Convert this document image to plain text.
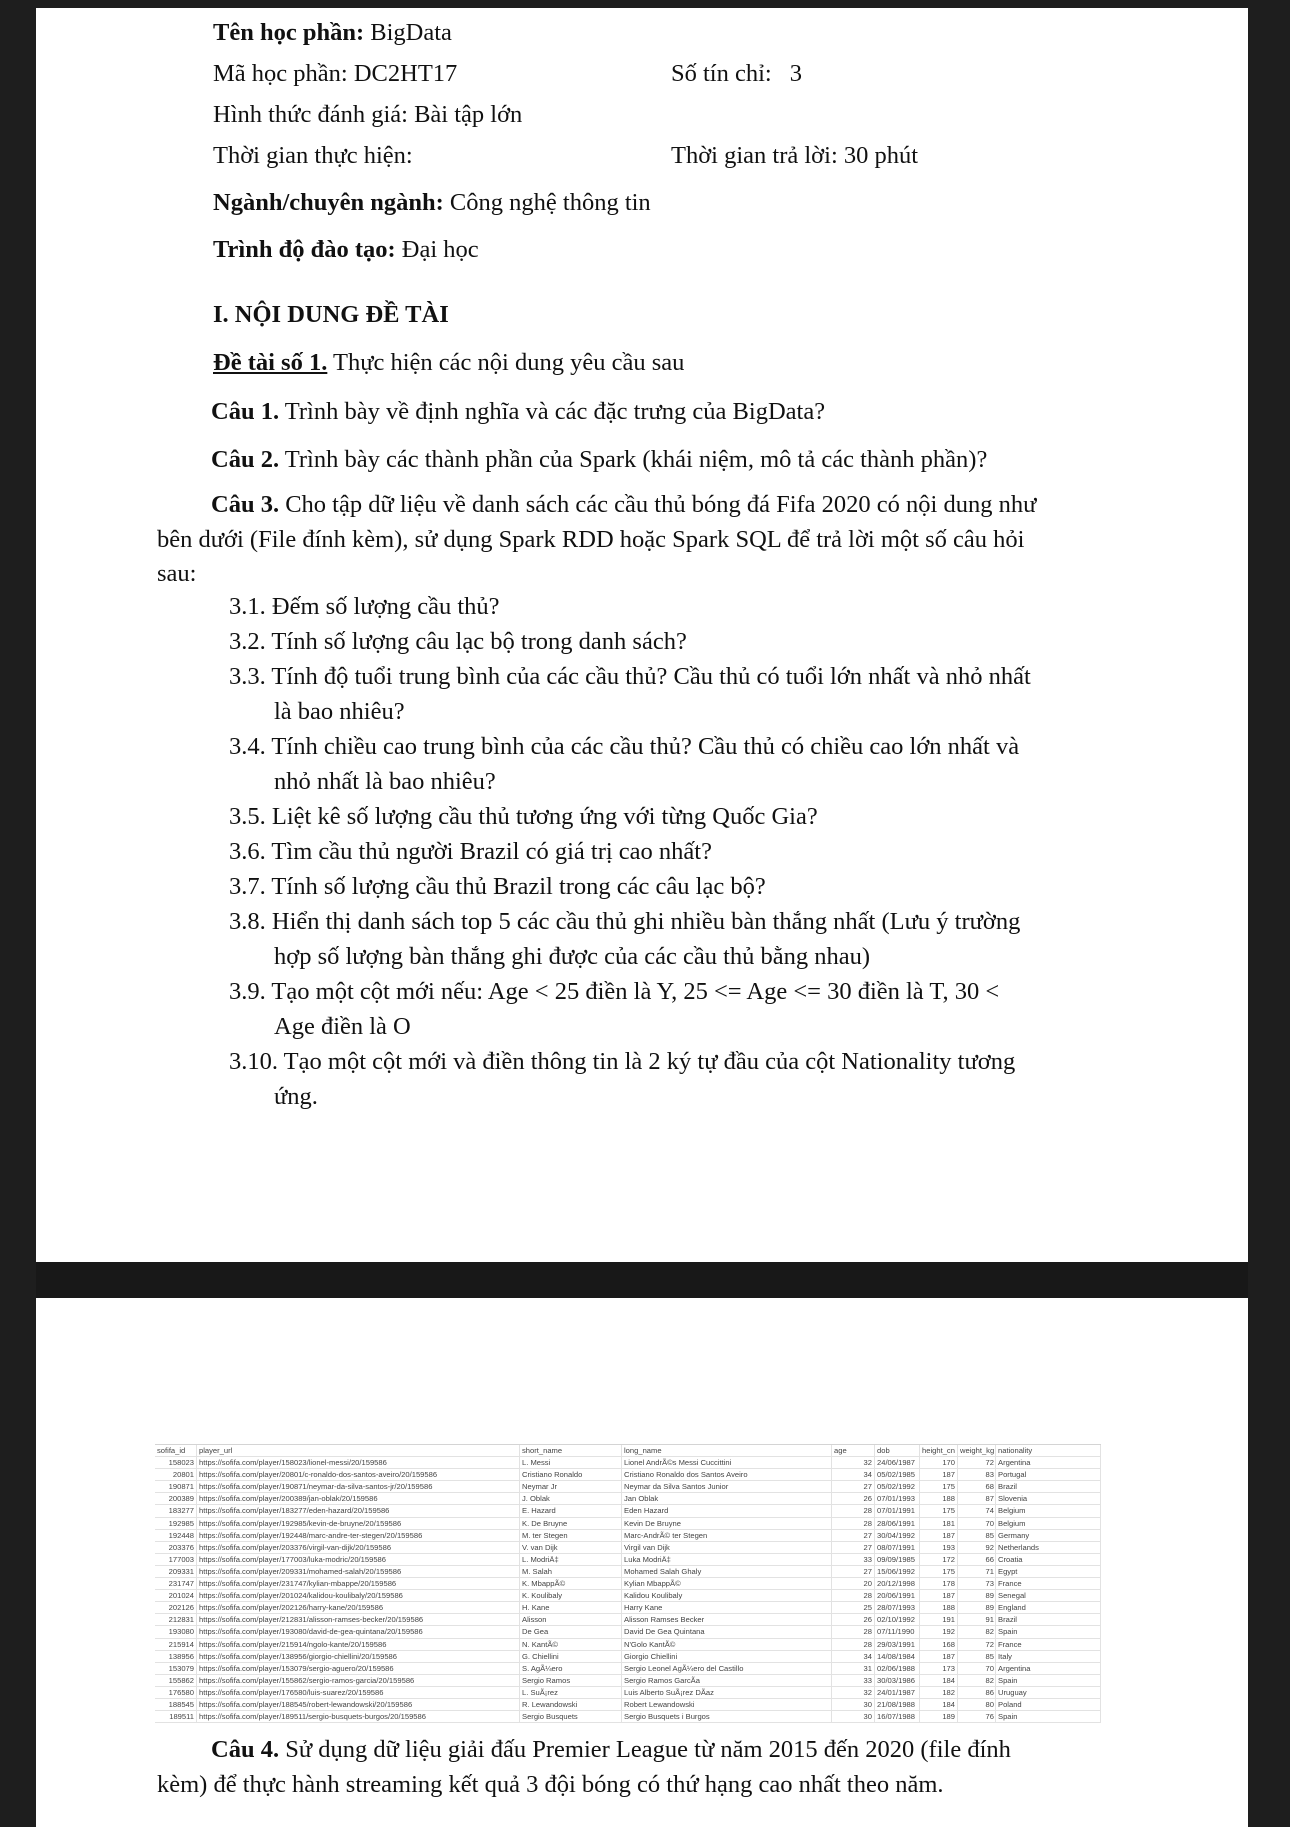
Tên học phần: BigData
Mã học phần: DC2HT17	Số tín chỉ: 3
Hình thức đánh giá: Bài tập lớn
Thời gian thực hiện:	Thời gian trả lời: 30 phút
Ngành/chuyên ngành: Công nghệ thông tin
Trình độ đào tạo: Đại học
I. NỘI DUNG ĐỀ TÀI
Đề tài số 1. Thực hiện các nội dung yêu cầu sau
Câu 1. Trình bày về định nghĩa và các đặc trưng của BigData?
Câu 2. Trình bày các thành phần của Spark (khái niệm, mô tả các thành phần)?
Câu 3. Cho tập dữ liệu về danh sách các cầu thủ bóng đá Fifa 2020 có nội dung như
bên dưới (File đính kèm), sử dụng Spark RDD hoặc Spark SQL để trả lời một số câu hỏi
sau:
3.1. Đếm số lượng cầu thủ?
3.2. Tính số lượng câu lạc bộ trong danh sách?
3.3. Tính độ tuổi trung bình của các cầu thủ? Cầu thủ có tuổi lớn nhất và nhỏ nhất
là bao nhiêu?
3.4. Tính chiều cao trung bình của các cầu thủ? Cầu thủ có chiều cao lớn nhất và
nhỏ nhất là bao nhiêu?
3.5. Liệt kê số lượng cầu thủ tương ứng với từng Quốc Gia?
3.6. Tìm cầu thủ người Brazil có giá trị cao nhất?
3.7. Tính số lượng cầu thủ Brazil trong các câu lạc bộ?
3.8. Hiển thị danh sách top 5 các cầu thủ ghi nhiều bàn thắng nhất (Lưu ý trường
hợp số lượng bàn thắng ghi được của các cầu thủ bằng nhau)
3.9. Tạo một cột mới nếu: Age < 25 điền là Y, 25 <= Age <= 30 điền là T, 30 <
Age điền là O
3.10. Tạo một cột mới và điền thông tin là 2 ký tự đầu của cột Nationality tương
ứng.
sofifa_id	player_url	short_name	long_name	age	dob	height_cn weight_kg nationality
158023 https://sofifa.com/player/158023/lionel-messi/20/159586	L. Messi	Lionel AndrÃ©s Messi Cuccittini	32 24/06/1987	170	72 Argentina
20801 https://sofifa.com/player/20801/c-ronaldo-dos-santos-aveiro/20/159586	Cristiano Ronaldo	Cristiano Ronaldo dos Santos Aveiro	34 05/02/1985	187	83 Portugal
190871 https://sofifa.com/player/190871/neymar-da-silva-santos-jr/20/159586	Neymar Jr	Neymar da Silva Santos Junior	27 05/02/1992	175	68 Brazil
200389 https://sofifa.com/player/200389/jan-oblak/20/159586	J. Oblak	Jan Oblak	26 07/01/1993	188	87 Slovenia
183277 https://sofifa.com/player/183277/eden-hazard/20/159586	E. Hazard	Eden Hazard	28 07/01/1991	175	74 Belgium
192985 https://sofifa.com/player/192985/kevin-de-bruyne/20/159586	K. De Bruyne	Kevin De Bruyne	28 28/06/1991	181	70 Belgium
192448 https://sofifa.com/player/192448/marc-andre-ter-stegen/20/159586	M. ter Stegen	Marc-AndrÃ© ter Stegen	27 30/04/1992	187	85 Germany
203376 https://sofifa.com/player/203376/virgil-van-dijk/20/159586	V. van Dijk	Virgil van Dijk	27 08/07/1991	193	92 Netherlands
177003 https://sofifa.com/player/177003/luka-modric/20/159586	L. ModriÄ‡	Luka ModriÄ‡	33 09/09/1985	172	66 Croatia
209331 https://sofifa.com/player/209331/mohamed-salah/20/159586	M. Salah	Mohamed Salah Ghaly	27 15/06/1992	175	71 Egypt
231747 https://sofifa.com/player/231747/kylian-mbappe/20/159586	K. MbappÃ©	Kylian MbappÃ©	20 20/12/1998	178	73 France
201024 https://sofifa.com/player/201024/kalidou-koulibaly/20/159586	K. Koulibaly	Kalidou Koulibaly	28 20/06/1991	187	89 Senegal
202126 https://sofifa.com/player/202126/harry-kane/20/159586	H. Kane	Harry Kane	25 28/07/1993	188	89 England
212831 https://sofifa.com/player/212831/alisson-ramses-becker/20/159586	Alisson	Alisson Ramses Becker	26 02/10/1992	191	91 Brazil
193080 https://sofifa.com/player/193080/david-de-gea-quintana/20/159586	De Gea	David De Gea Quintana	28 07/11/1990	192	82 Spain
215914 https://sofifa.com/player/215914/ngolo-kante/20/159586	N. KantÃ©	N'Golo KantÃ©	28 29/03/1991	168	72 France
138956 https://sofifa.com/player/138956/giorgio-chiellini/20/159586	G. Chiellini	Giorgio Chiellini	34 14/08/1984	187	85 Italy
153079 https://sofifa.com/player/153079/sergio-aguero/20/159586	S. AgÃ¼ero	Sergio Leonel AgÃ¼ero del Castillo	31 02/06/1988	173	70 Argentina
155862 https://sofifa.com/player/155862/sergio-ramos-garcia/20/159586	Sergio Ramos	Sergio Ramos GarcÃa	33 30/03/1986	184	82 Spain
176580 https://sofifa.com/player/176580/luis-suarez/20/159586	L. SuÃ¡rez	Luis Alberto SuÃ¡rez DÃaz	32 24/01/1987	182	86 Uruguay
188545 https://sofifa.com/player/188545/robert-lewandowski/20/159586	R. Lewandowski	Robert Lewandowski	30 21/08/1988	184	80 Poland
189511 https://sofifa.com/player/189511/sergio-busquets-burgos/20/159586	Sergio Busquets	Sergio Busquets i Burgos	30 16/07/1988	189	76 Spain
Câu 4. Sử dụng dữ liệu giải đấu Premier League từ năm 2015 đến 2020 (file đính
kèm) để thực hành streaming kết quả 3 đội bóng có thứ hạng cao nhất theo năm.
